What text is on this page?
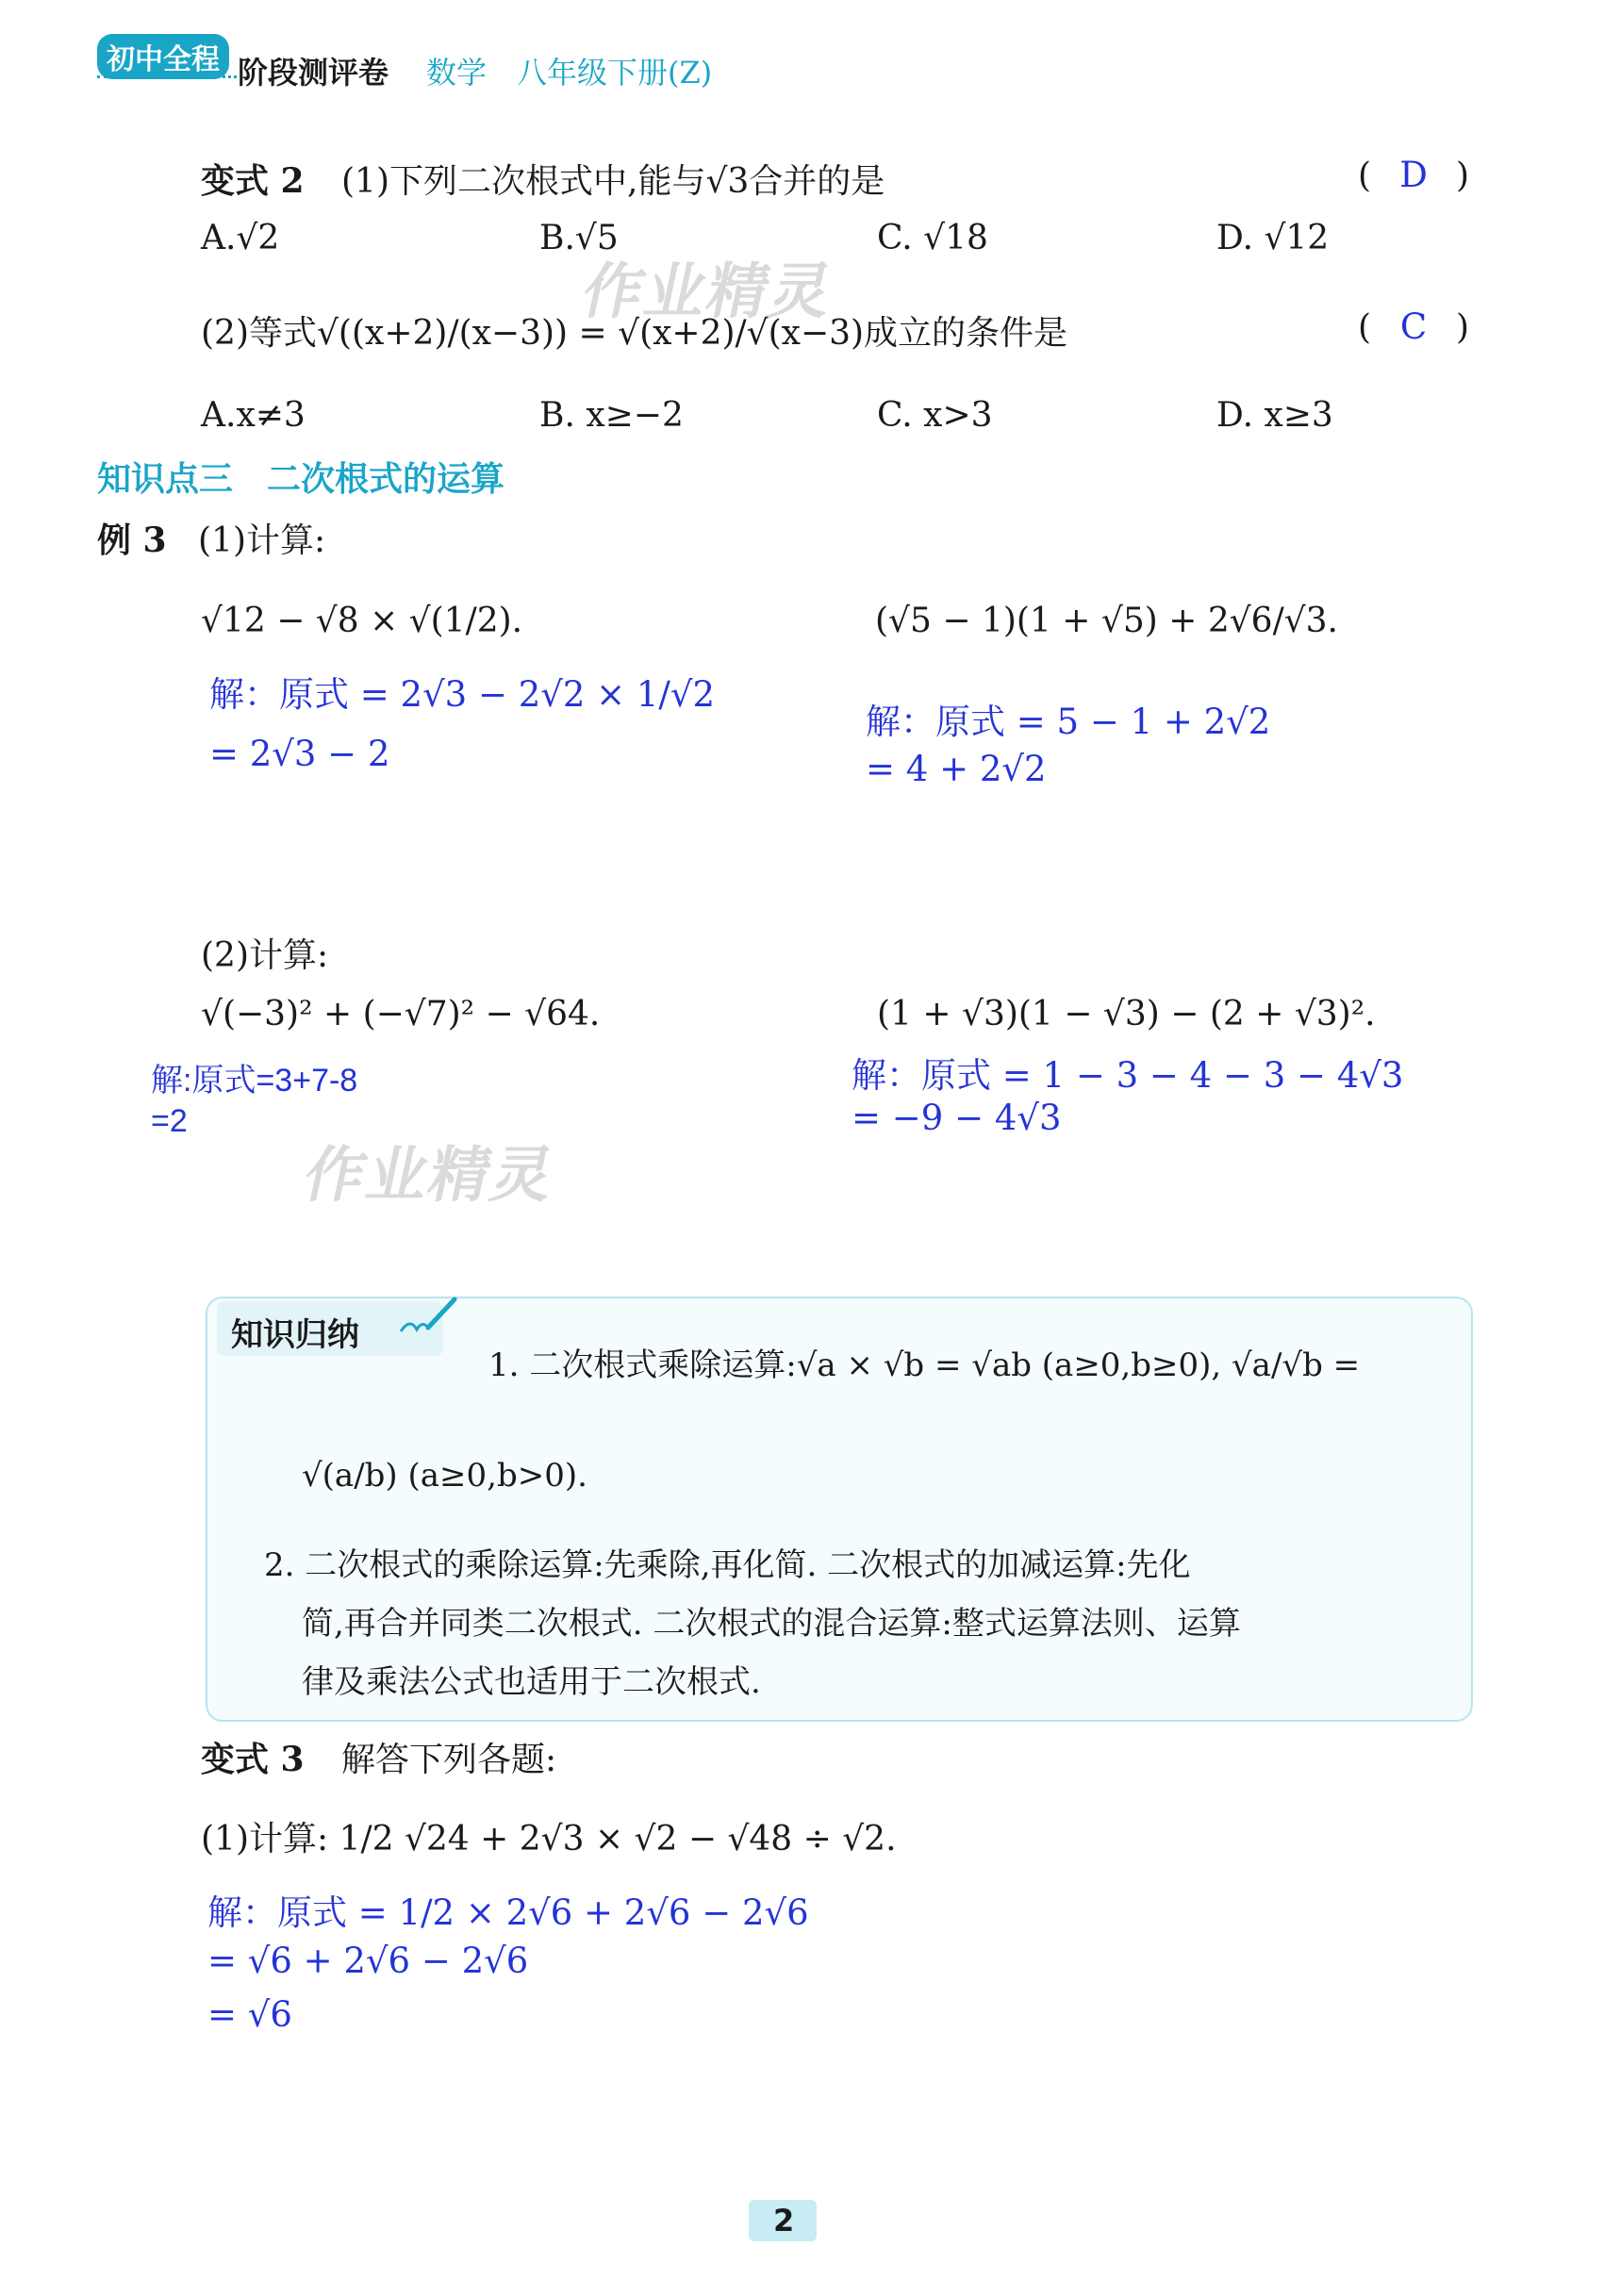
初中全程 阶段测评卷 数学 八年级下册(Z)
变式 2 (1)下列二次根式中,能与√3合并的是	( D )
A.√2	B.√5	C. √18	D. √12
(2)等式√((x+2)/(x−3)) = √(x+2)/√(x−3)成立的条件是	( C )
A.x≠3	B. x≥−2	C. x>3	D. x≥3
作业精灵
知识点三　二次根式的运算
例 3 (1)计算:
√12 − √8 × √(1/2).
解：原式 = 2√3 − 2√2 × 1/√2
= 2√3 − 2
(√5 − 1)(1 + √5) + 2√6/√3.
解：原式 = 5 − 1 + 2√2
= 4 + 2√2
(2)计算:
√(−3)² + (−√7)² − √64.
解:原式=3+7-8
=2
(1 + √3)(1 − √3) − (2 + √3)².
解：原式 = 1 − 3 − 4 − 3 − 4√3
= −9 − 4√3
作业精灵
知识归纳
1. 二次根式乘除运算:√a × √b = √ab (a≥0,b≥0), √a/√b =
√(a/b) (a≥0,b>0).
2. 二次根式的乘除运算:先乘除,再化简. 二次根式的加减运算:先化
简,再合并同类二次根式. 二次根式的混合运算:整式运算法则、运算
律及乘法公式也适用于二次根式.
变式 3 解答下列各题:
(1)计算: 1/2 √24 + 2√3 × √2 − √48 ÷ √2.
解：原式 = 1/2 × 2√6 + 2√6 − 2√6
= √6 + 2√6 − 2√6
= √6
2
